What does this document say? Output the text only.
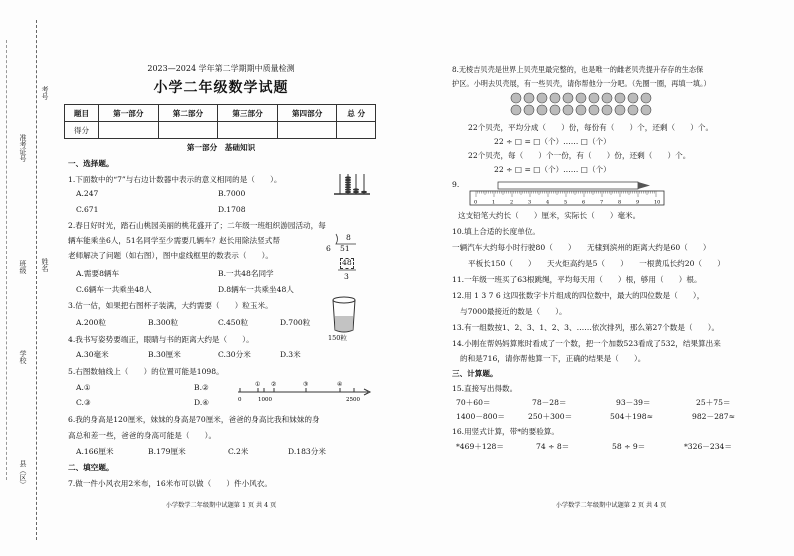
考号
准考证号
姓名
班级
学校
县（区）
2023—2024 学年第二学期期中质量检测
小学二年级数学试题
题目	第一部分	第二部分	第三部分	第四部分	总 分
得分					
第一部分　基础知识
一、选择题。
1.下面数中的“7”与右边计数器中表示的意义相同的是（　　）。
A.247	B.7000
C.671	D.1708
2.春日好时光，踏石山桃园美丽的桃花盛开了；二年级一班组织游园活动，每
辆车能乘坐6人，51名同学至少需要几辆车？赵长用除法竖式帮
老师解决了问题（如右图），图中虚线框里的数表示（　　）。
8
6 51
48
3
A.需要8辆车	B.一共48名同学
C.6辆车一共乘坐48人	D.8辆车一共乘坐48人
3.估一估，如果把右图杯子装满，大约需要（　　）粒玉米。
150粒
A.200粒	B.300粒	C.450粒	D.700粒
4.我书写姿势要端正，眼睛与书的距离大约是（　　）。
A.30毫米	B.30厘米	C.30分米	D.3米
5.右图数轴线上（　　）的位置可能是1098。
① ②	③	④
0	1000	2500
A.①	B.②
C.③	D.④
6.我的身高是120厘米，妹妹的身高是70厘米，爸爸的身高比我和妹妹的身
高总和差一些，爸爸的身高可能是（　　）。
A.166厘米	B.179厘米	C.2米	D.183分米
二、填空题。
7.做一件小风衣用2米布，16米布可以做（　　）件小风衣。
小学数学二年级期中试题第 1 页 共 4 页
8.无棱吉贝壳是世界上贝壳里最完整的，也是唯一的雌老贝壳提升存存的生态保
护区。小明去贝壳展，有一些贝壳，请你帮他分一分吧。（先圈一圈，再填一填。）
22个贝壳，平均分成（　　）份，每份有（　　）个，还剩（　　）个。
22 ÷ □ = □（个）…… □（个）
22个贝壳，每（　　）个一份，有（　　）份，还剩（　　）个。
22 ÷ □ = □（个）…… □（个）
9.
0	1	2	3	4	5	6	7	8	9	10
这支铅笔大约长（　　）厘米，实际长（　　）毫米。
10.填上合适的长度单位。
一辆汽车大约每小时行驶80（　　）　　无棣到滨州的距离大约是60（　　）
平板长150（　　）　　天火炬高约是5（　　）　　一根黄瓜长约20（　　）
11.一年级一班买了63根跳绳，平均每天用（　　）根，够用（　　）根。
12.用 1 3 7 6 这四张数字卡片组成的四位数中，最大的四位数是（　　），
与7000最接近的数是（　　）。
13.有一组数按1、2、3、1、2、3、……依次排列，那么第27个数是（　　）。
14.小刚在帮妈妈算账时看成了一个数，把一个加数523看成了532，结果算出来
的和是716，请你帮他算一下，正确的结果是（　　）。
三、计算题。
15.直接写出得数。
70＋60＝	78－28＝	93－39＝	25＋75＝
1400－800＝	250＋300＝	504＋198≈	982－287≈
16.用竖式计算，带*的要验算。
*469＋128＝	74 ÷ 8＝	58 ÷ 9＝	*326－234＝
小学数学二年级期中试题第 2 页 共 4 页
